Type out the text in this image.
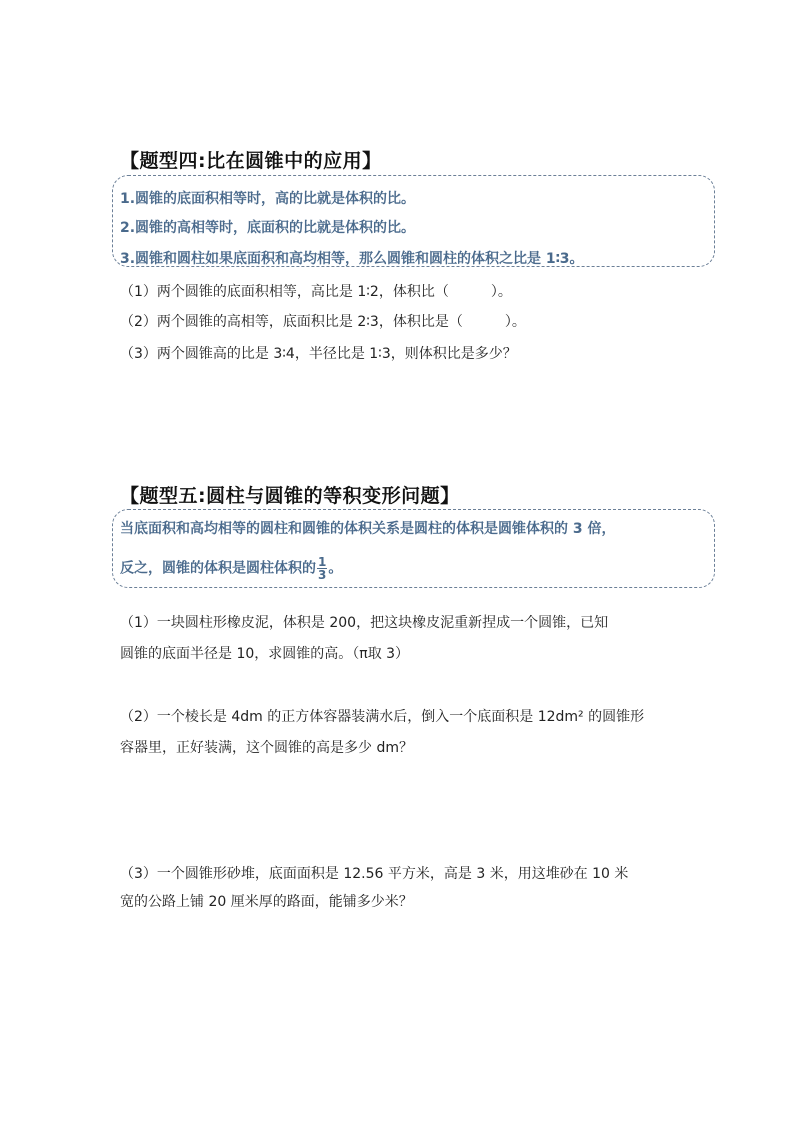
【题型四:比在圆锥中的应用】
1.圆锥的底面积相等时，高的比就是体积的比。
2.圆锥的高相等时，底面积的比就是体积的比。
3.圆锥和圆柱如果底面积和高均相等，那么圆锥和圆柱的体积之比是 1∶3。
（1）两个圆锥的底面积相等，高比是 1∶2，体积比（　　　）。
（2）两个圆锥的高相等，底面积比是 2∶3，体积比是（　　　）。
（3）两个圆锥高的比是 3∶4，半径比是 1∶3，则体积比是多少？
【题型五:圆柱与圆锥的等积变形问题】
当底面积和高均相等的圆柱和圆锥的体积关系是圆柱的体积是圆锥体积的 3 倍，
反之，圆锥的体积是圆柱体积的 $\frac{1}{3}$ 。
（1）一块圆柱形橡皮泥，体积是 200，把这块橡皮泥重新捏成一个圆锥，已知
圆锥的底面半径是 10，求圆锥的高。（π取 3）
（2）一个棱长是 4dm 的正方体容器装满水后，倒入一个底面积是 12dm² 的圆锥形
容器里，正好装满，这个圆锥的高是多少 dm？
（3）一个圆锥形砂堆，底面面积是 12.56 平方米，高是 3 米，用这堆砂在 10 米
宽的公路上铺 20 厘米厚的路面，能铺多少米？
